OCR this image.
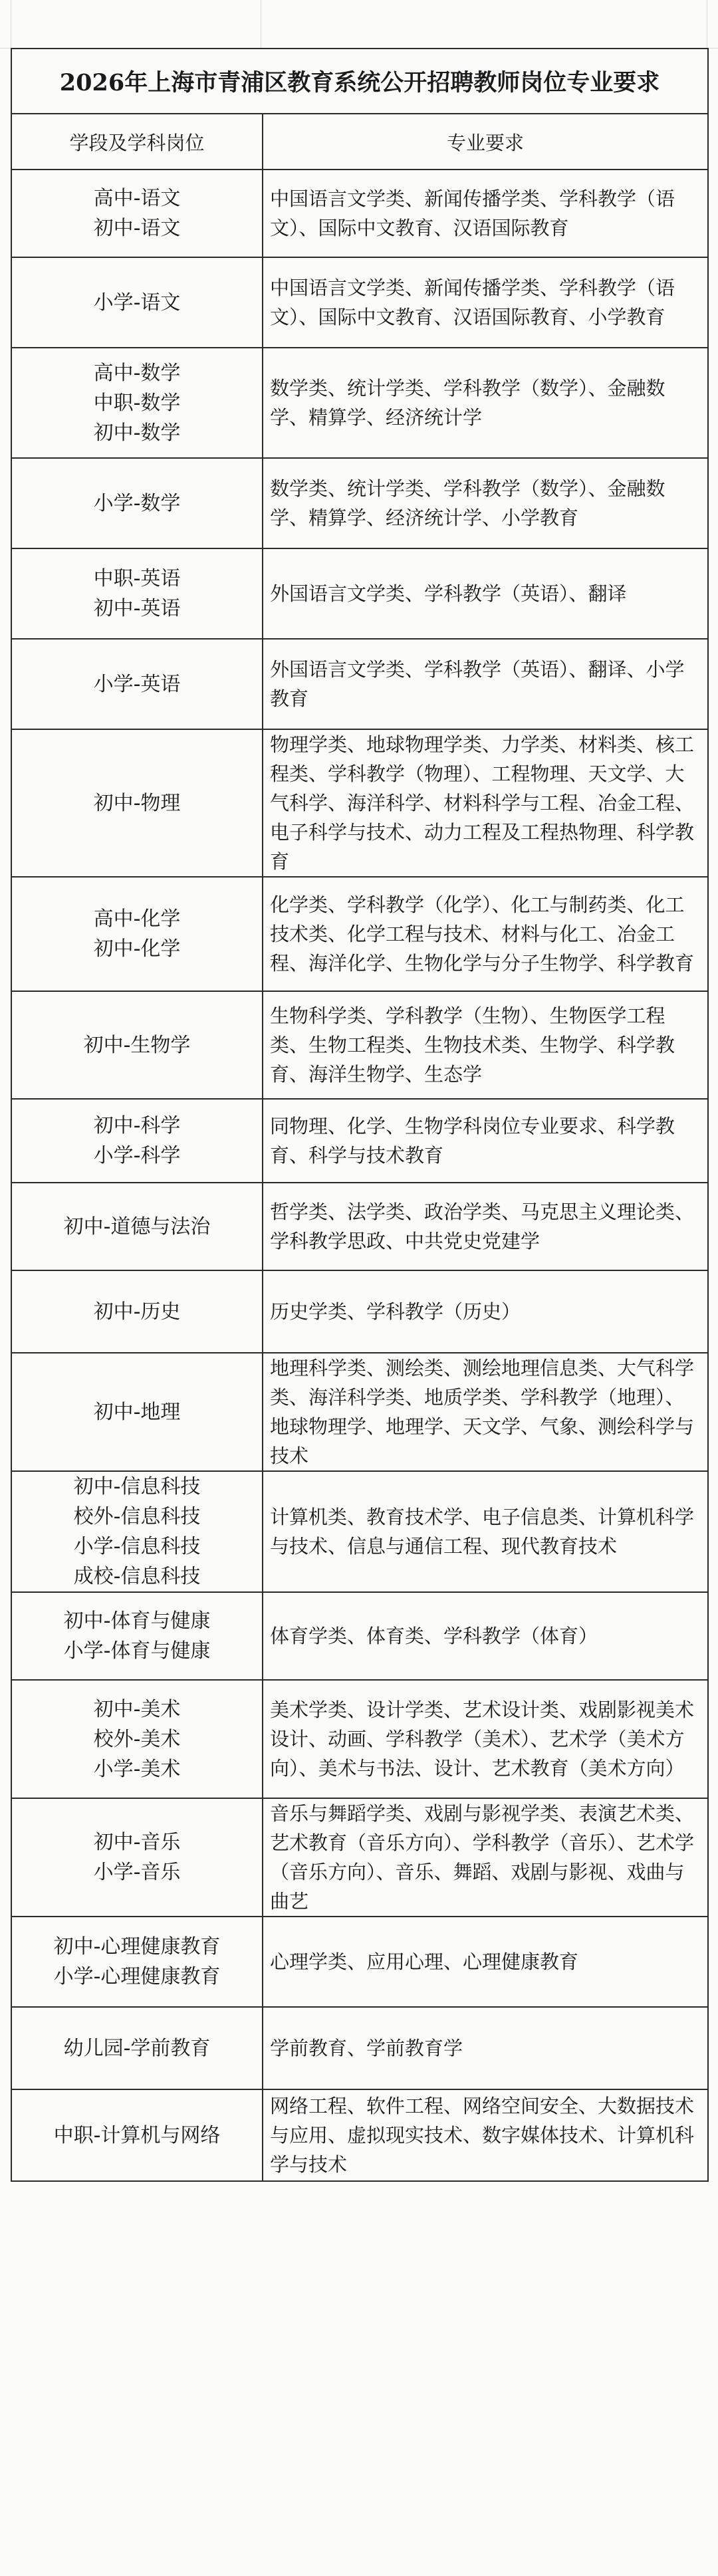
2026年上海市青浦区教育系统公开招聘教师岗位专业要求	
学段及学科岗位	专业要求

高中-语文
初中-语文	中国语言文学类、新闻传播学类、学科教学（语文）、国际中文教育、汉语国际教育

小学-语文	中国语言文学类、新闻传播学类、学科教学（语文）、国际中文教育、汉语国际教育、小学教育

高中-数学
中职-数学
初中-数学	数学类、统计学类、学科教学（数学）、金融数学、精算学、经济统计学

小学-数学	数学类、统计学类、学科教学（数学）、金融数学、精算学、经济统计学、小学教育

中职-英语
初中-英语	外国语言文学类、学科教学（英语）、翻译

小学-英语	外国语言文学类、学科教学（英语）、翻译、小学教育

初中-物理	物理学类、地球物理学类、力学类、材料类、核工程类、学科教学（物理）、工程物理、天文学、大气科学、海洋科学、材料科学与工程、冶金工程、电子科学与技术、动力工程及工程热物理、科学教育

高中-化学
初中-化学	化学类、学科教学（化学）、化工与制药类、化工技术类、化学工程与技术、材料与化工、冶金工程、海洋化学、生物化学与分子生物学、科学教育

初中-生物学	生物科学类、学科教学（生物）、生物医学工程类、生物工程类、生物技术类、生物学、科学教育、海洋生物学、生态学

初中-科学
小学-科学	同物理、化学、生物学科岗位专业要求、科学教育、科学与技术教育

初中-道德与法治	哲学类、法学类、政治学类、马克思主义理论类、学科教学思政、中共党史党建学

初中-历史	历史学类、学科教学（历史）

初中-地理	地理科学类、测绘类、测绘地理信息类、大气科学类、海洋科学类、地质学类、学科教学（地理）、地球物理学、地理学、天文学、气象、测绘科学与技术

初中-信息科技
校外-信息科技
小学-信息科技
成校-信息科技	计算机类、教育技术学、电子信息类、计算机科学与技术、信息与通信工程、现代教育技术

初中-体育与健康
小学-体育与健康	体育学类、体育类、学科教学（体育）

初中-美术
校外-美术
小学-美术	美术学类、设计学类、艺术设计类、戏剧影视美术设计、动画、学科教学（美术）、艺术学（美术方向）、美术与书法、设计、艺术教育（美术方向）

初中-音乐
小学-音乐	音乐与舞蹈学类、戏剧与影视学类、表演艺术类、艺术教育（音乐方向）、学科教学（音乐）、艺术学（音乐方向）、音乐、舞蹈、戏剧与影视、戏曲与曲艺

初中-心理健康教育
小学-心理健康教育	心理学类、应用心理、心理健康教育

幼儿园-学前教育	学前教育、学前教育学

中职-计算机与网络	网络工程、软件工程、网络空间安全、大数据技术与应用、虚拟现实技术、数字媒体技术、计算机科学与技术
